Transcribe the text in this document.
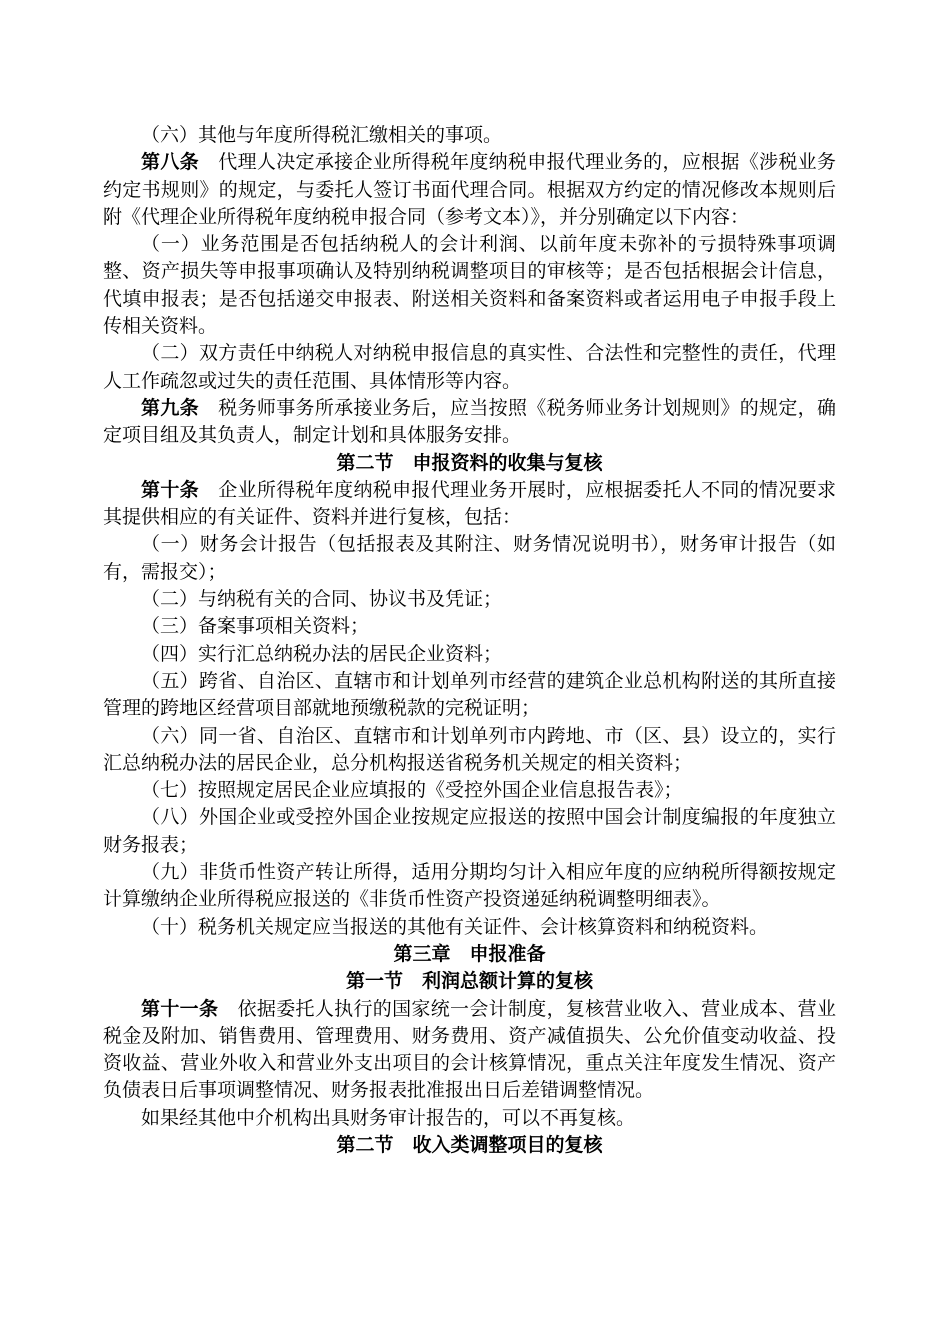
（六）其他与年度所得税汇缴相关的事项。

第八条 代理人决定承接企业所得税年度纳税申报代理业务的，应根据《涉税业务约定书规则》的规定，与委托人签订书面代理合同。根据双方约定的情况修改本规则后附《代理企业所得税年度纳税申报合同（参考文本）》，并分别确定以下内容：

（一）业务范围是否包括纳税人的会计利润、以前年度未弥补的亏损特殊事项调整、资产损失等申报事项确认及特别纳税调整项目的审核等；是否包括根据会计信息，代填申报表；是否包括递交申报表、附送相关资料和备案资料或者运用电子申报手段上传相关资料。

（二）双方责任中纳税人对纳税申报信息的真实性、合法性和完整性的责任，代理人工作疏忽或过失的责任范围、具体情形等内容。

第九条 税务师事务所承接业务后，应当按照《税务师业务计划规则》的规定，确定项目组及其负责人，制定计划和具体服务安排。

第二节　申报资料的收集与复核

第十条 企业所得税年度纳税申报代理业务开展时，应根据委托人不同的情况要求其提供相应的有关证件、资料并进行复核，包括：

（一）财务会计报告（包括报表及其附注、财务情况说明书），财务审计报告（如有，需报交）；

（二）与纳税有关的合同、协议书及凭证；

（三）备案事项相关资料；

（四）实行汇总纳税办法的居民企业资料；

（五）跨省、自治区、直辖市和计划单列市经营的建筑企业总机构附送的其所直接管理的跨地区经营项目部就地预缴税款的完税证明；

（六）同一省、自治区、直辖市和计划单列市内跨地、市（区、县）设立的，实行汇总纳税办法的居民企业，总分机构报送省税务机关规定的相关资料；

（七）按照规定居民企业应填报的《受控外国企业信息报告表》；

（八）外国企业或受控外国企业按规定应报送的按照中国会计制度编报的年度独立财务报表；

（九）非货币性资产转让所得，适用分期均匀计入相应年度的应纳税所得额按规定计算缴纳企业所得税应报送的《非货币性资产投资递延纳税调整明细表》。

（十）税务机关规定应当报送的其他有关证件、会计核算资料和纳税资料。

第三章　申报准备

第一节　利润总额计算的复核

第十一条 依据委托人执行的国家统一会计制度，复核营业收入、营业成本、营业税金及附加、销售费用、管理费用、财务费用、资产减值损失、公允价值变动收益、投资收益、营业外收入和营业外支出项目的会计核算情况，重点关注年度发生情况、资产负债表日后事项调整情况、财务报表批准报出日后差错调整情况。

如果经其他中介机构出具财务审计报告的，可以不再复核。

第二节　收入类调整项目的复核
